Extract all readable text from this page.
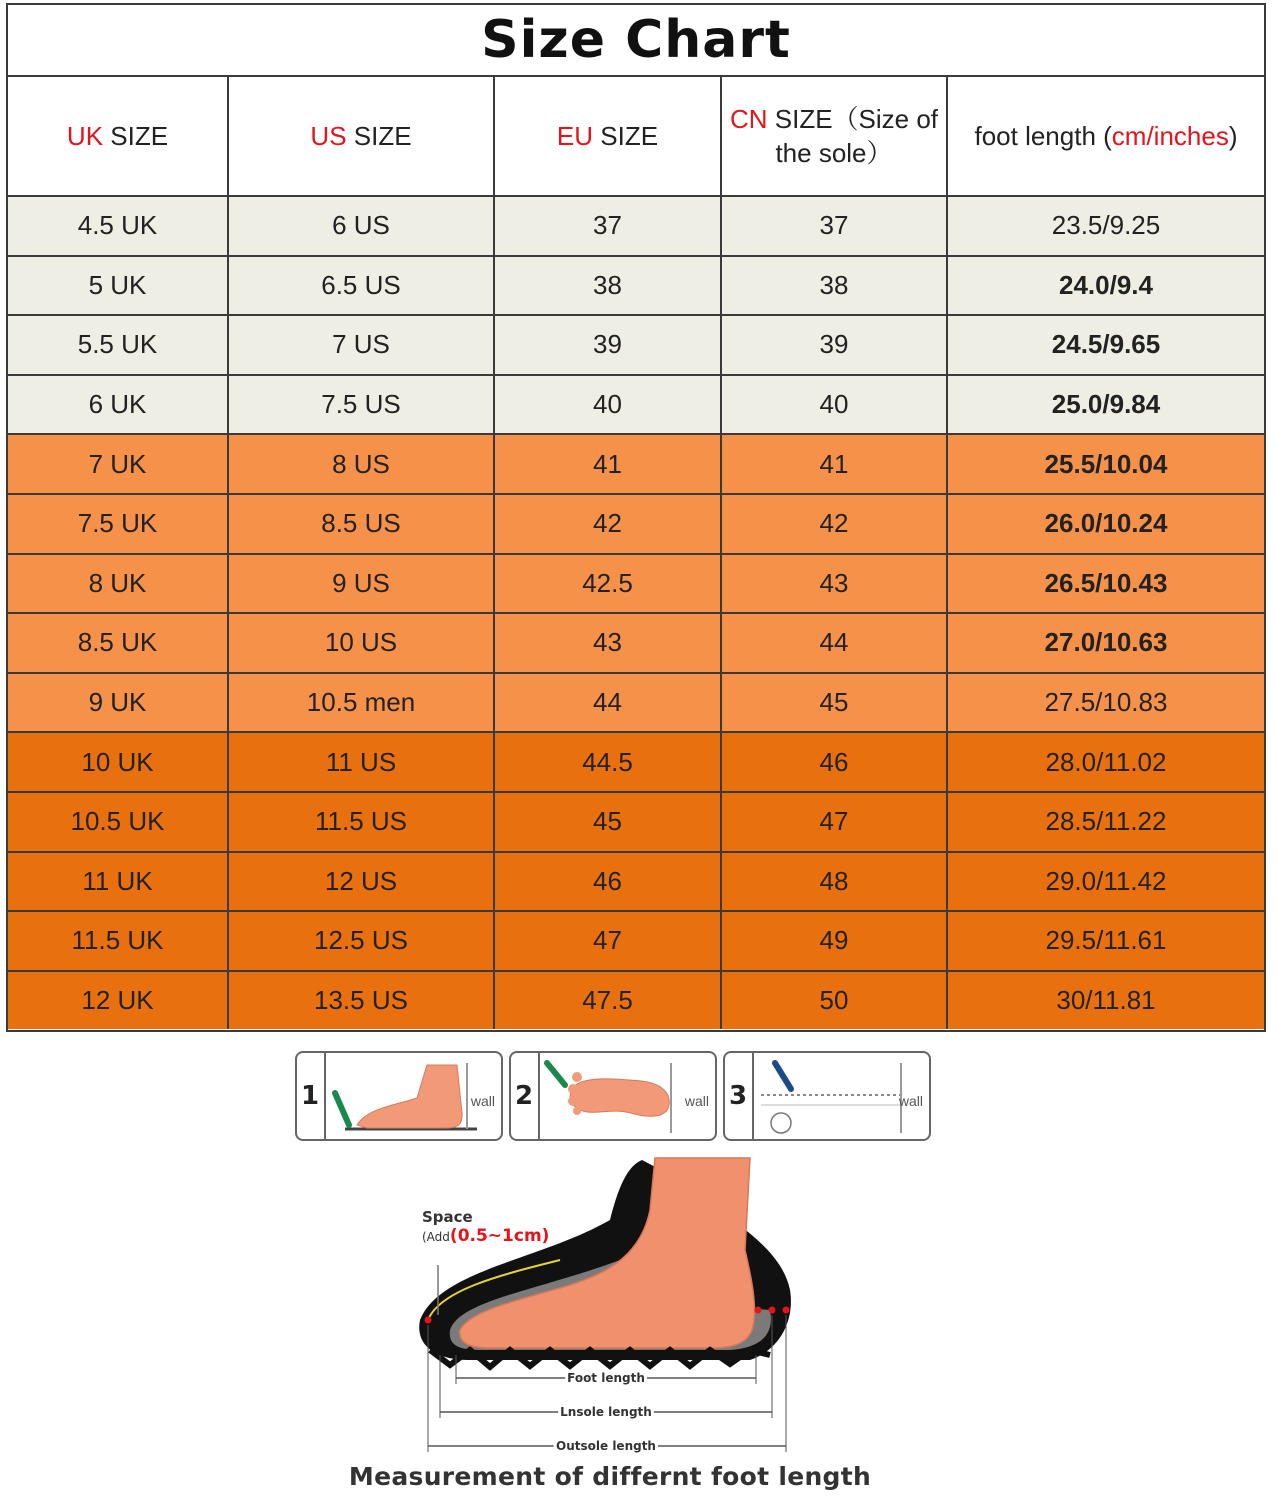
Size Chart
UK SIZE	US SIZE	EU SIZE	CN SIZE（Size of the sole）	foot length (cm/inches)
4.5 UK	6 US	37	37	23.5/9.25
5 UK	6.5 US	38	38	24.0/9.4
5.5 UK	7 US	39	39	24.5/9.65
6 UK	7.5 US	40	40	25.0/9.84
7 UK	8 US	41	41	25.5/10.04
7.5 UK	8.5 US	42	42	26.0/10.24
8 UK	9 US	42.5	43	26.5/10.43
8.5 UK	10 US	43	44	27.0/10.63
9 UK	10.5 men	44	45	27.5/10.83
10 UK	11 US	44.5	46	28.0/11.02
10.5 UK	11.5 US	45	47	28.5/11.22
11 UK	12 US	46	48	29.0/11.42
11.5 UK	12.5 US	47	49	29.5/11.61
12 UK	13.5 US	47.5	50	30/11.81
1	wall 2	wall 3	wall
Space
(Add(0.5~1cm)
Foot length
Lnsole length
Outsole length
Measurement of differnt foot length
